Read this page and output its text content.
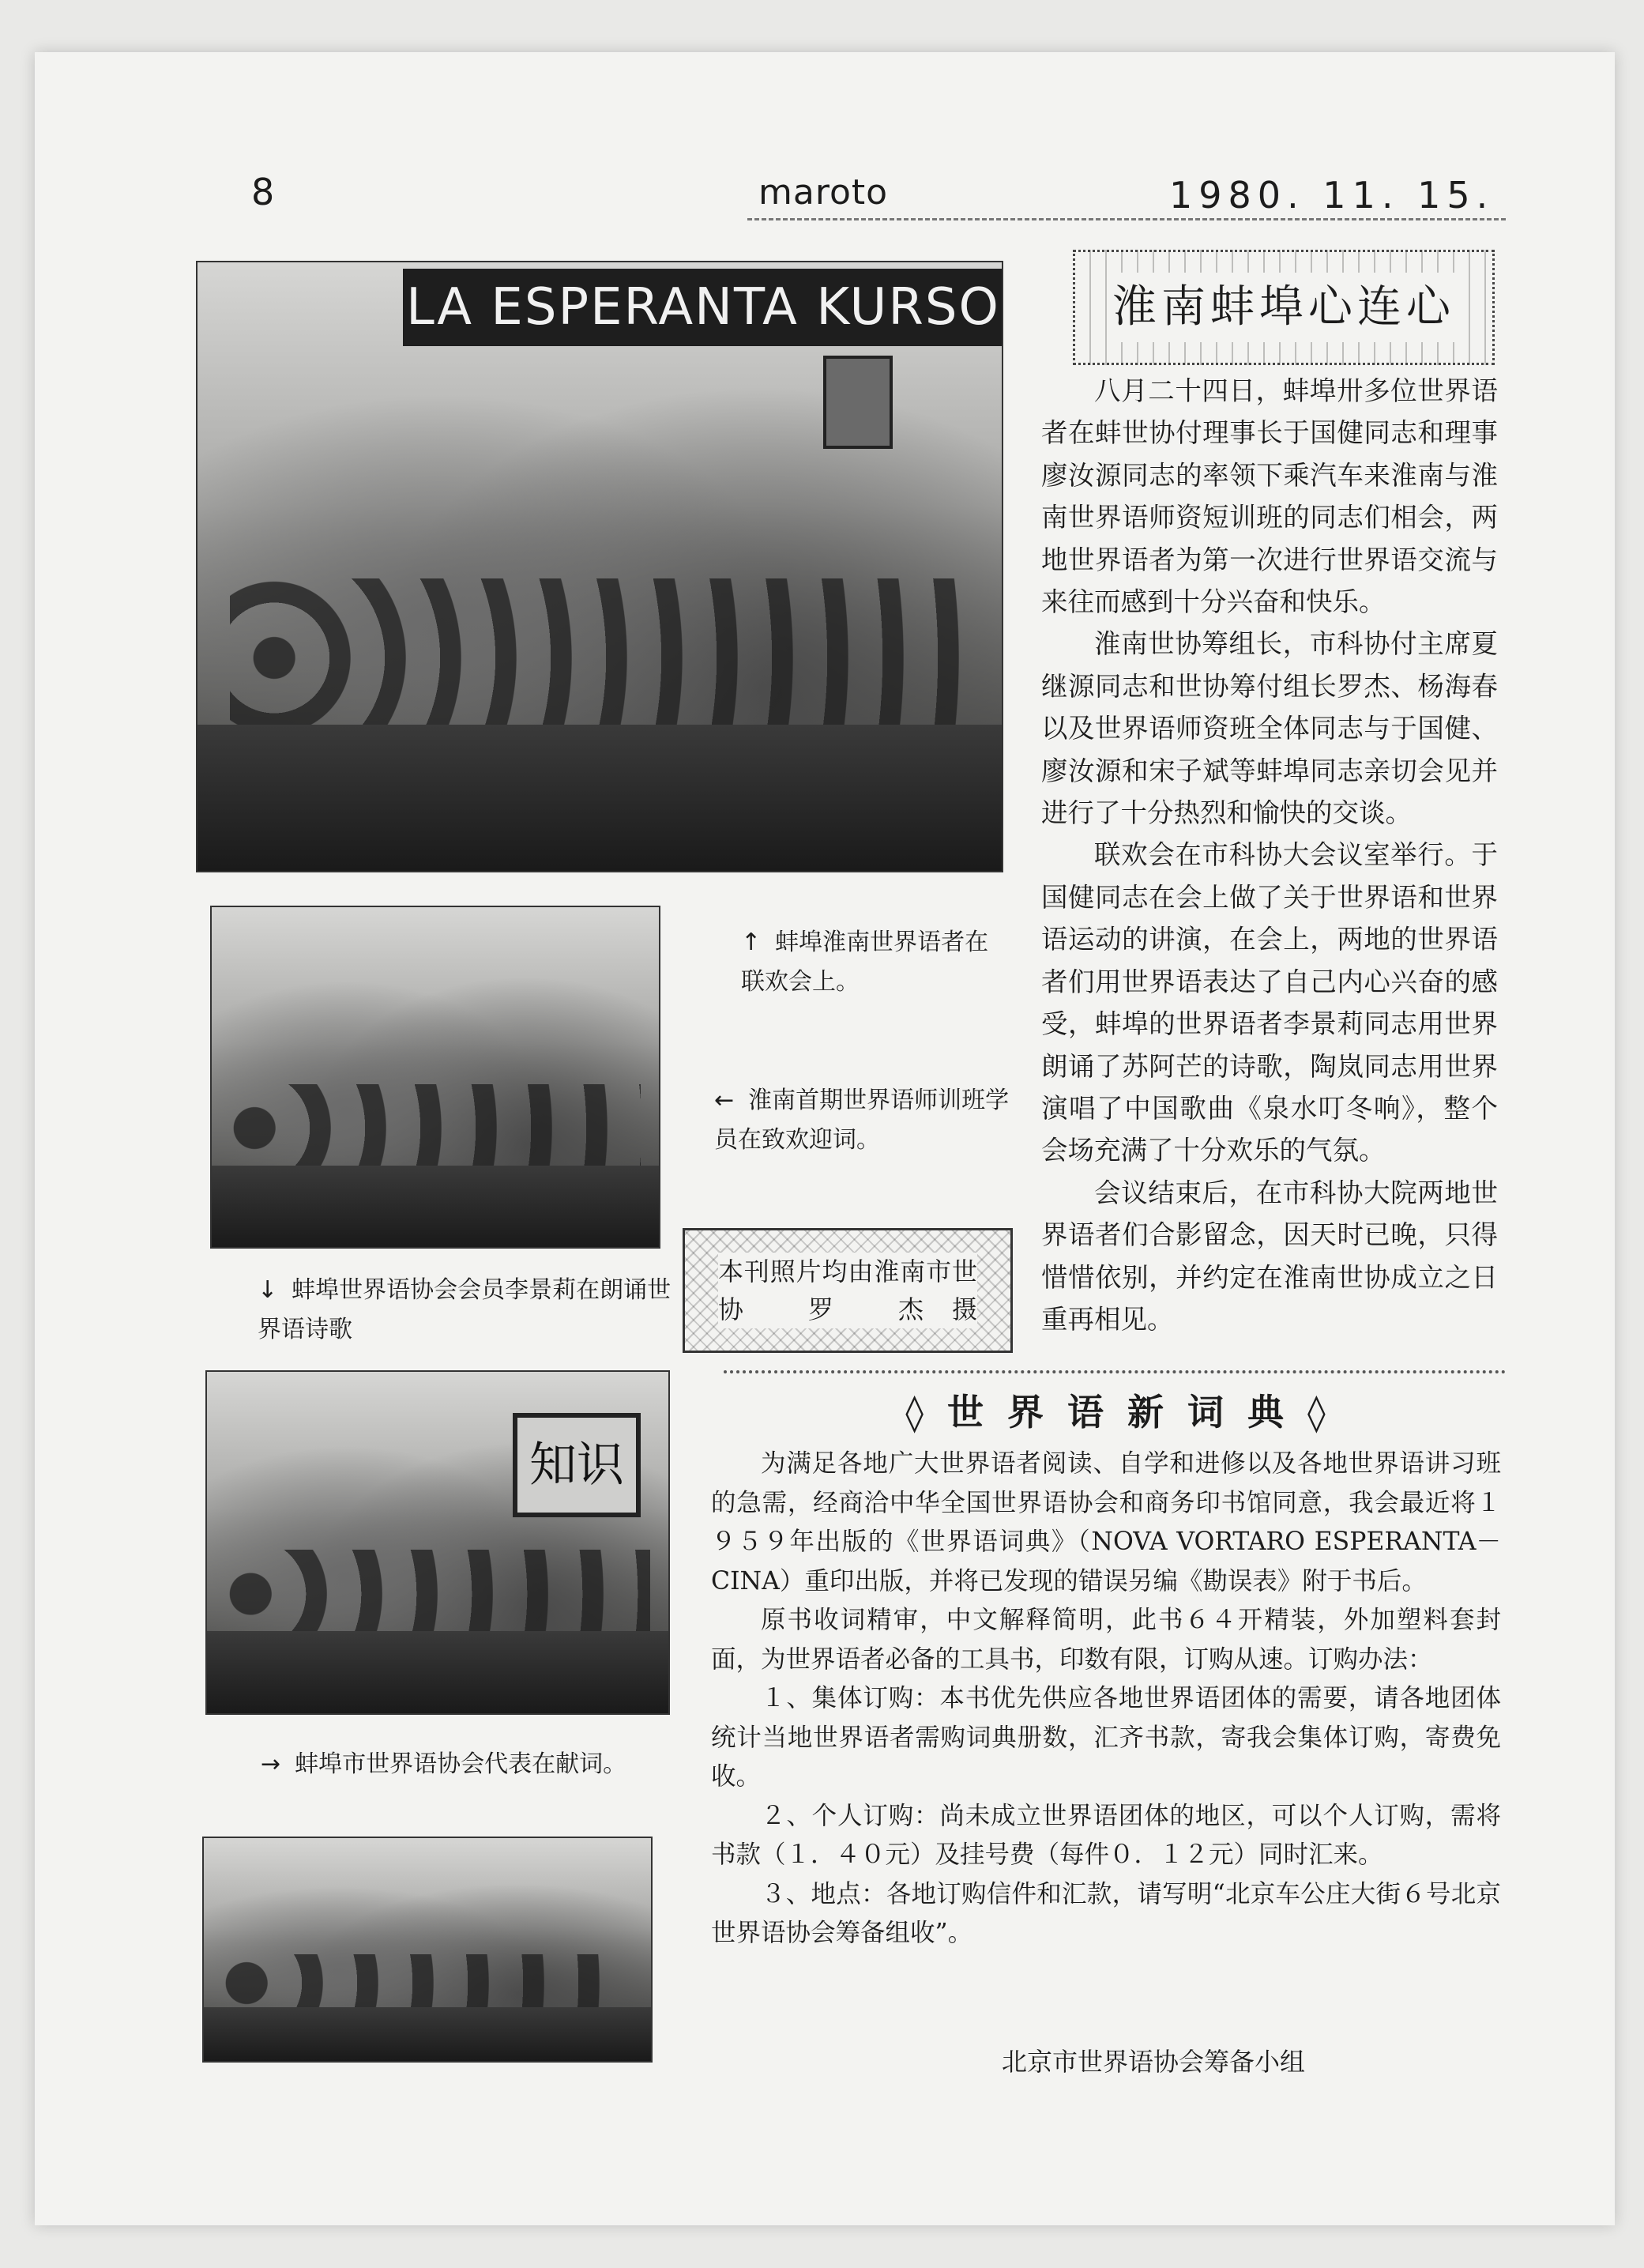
8	maroto	1980. 11. 15.
LA ESPERANTA KURSO
知识
↑ 蚌埠淮南世界语者在联欢会上。
← 淮南首期世界语师训班学员在致欢迎词。
↓ 蚌埠世界语协会会员李景莉在朗诵世界语诗歌
→ 蚌埠市世界语协会代表在献词。
本刊照片均由淮南市世协 罗 杰摄
淮南蚌埠心连心

八月二十四日，蚌埠卅多位世界语者在蚌世协付理事长于国健同志和理事廖汝源同志的率领下乘汽车来淮南与淮南世界语师资短训班的同志们相会，两地世界语者为第一次进行世界语交流与来往而感到十分兴奋和快乐。

淮南世协筹组长，市科协付主席夏继源同志和世协筹付组长罗杰、杨海春以及世界语师资班全体同志与于国健、廖汝源和宋子斌等蚌埠同志亲切会见并进行了十分热烈和愉快的交谈。

联欢会在市科协大会议室举行。于国健同志在会上做了关于世界语和世界语运动的讲演，在会上，两地的世界语者们用世界语表达了自己内心兴奋的感受，蚌埠的世界语者李景莉同志用世界朗诵了苏阿芒的诗歌，陶岚同志用世界演唱了中国歌曲《泉水叮冬响》，整个会场充满了十分欢乐的气氛。

会议结束后，在市科协大院两地世界语者们合影留念，因天时已晚，只得惜惜依别，并约定在淮南世协成立之日重再相见。

◊世界语新词典◊

为满足各地广大世界语者阅读、自学和进修以及各地世界语讲习班的急需，经商洽中华全国世界语协会和商务印书馆同意，我会最近将１９５９年出版的《世界语词典》（NOVA VORTARO ESPERANTA－CINA）重印出版，并将已发现的错误另编《勘误表》附于书后。

原书收词精审，中文解释简明，此书６４开精装，外加塑料套封面，为世界语者必备的工具书，印数有限，订购从速。订购办法：

１、集体订购：本书优先供应各地世界语团体的需要，请各地团体统计当地世界语者需购词典册数，汇齐书款，寄我会集体订购，寄费免收。

２、个人订购：尚未成立世界语团体的地区，可以个人订购，需将书款（１．４０元）及挂号费（每件０．１２元）同时汇来。

３、地点：各地订购信件和汇款，请写明“北京车公庄大街６号北京世界语协会筹备组收”。

北京市世界语协会筹备小组
